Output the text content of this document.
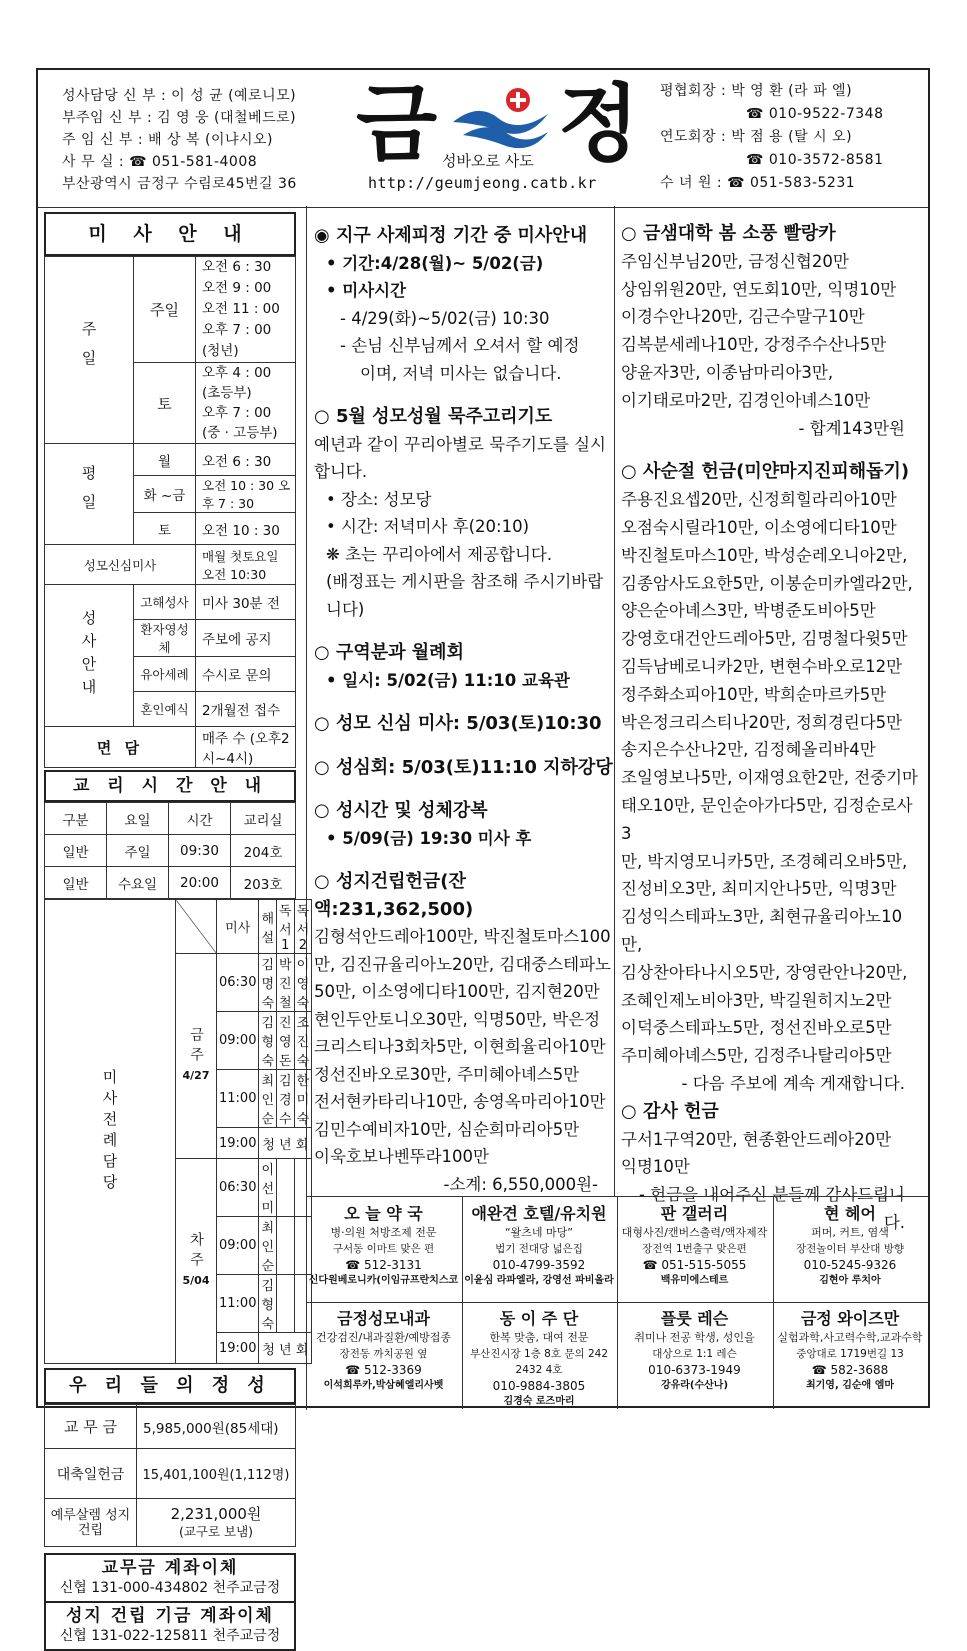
성사담당 신 부 : 이 성 균 (예로니모)
부주임 신 부 : 김 영 웅 (대철베드로)
주 임 신 부 : 배 상 복 (이냐시오)
사 무 실 : ☎ 051-581-4008
부산광역시 금정구 수림로45번길 36
금 정
성바오로 사도
http://geumjeong.catb.kr
평협회장 : 박 영 환 (라 파 엘)
☎ 010-9522-7348
연도회장 : 박 점 용 (탈 시 오)
☎ 010-3572-8581
수 녀 원 : ☎ 051-583-5231
미 사 안 내
주일	주일	오전 6 : 30
오전 9 : 00
오전 11 : 00
오후 7 : 00 (청년)

	토	오후 4 : 00 (초등부)
오후 7 : 00 (중 · 고등부)

평일	월	오전 6 : 30
	화 ~금	오전 10 : 30 오후 7 : 30
	토	오전 10 : 30
성모신심미사		매월 첫토요일 오전 10:30
성사안내	고해성사	미사 30분 전
	환자영성체	주보에 공지
	유아세례	수시로 문의
	혼인예식	2개월전 접수
면 담		매주 수 (오후2시~4시)
교 리 시 간 안 내
구분	요일	시간	교리실
일반	주일	09:30	204호
일반	수요일	20:00	203호
미사전례담당		미사	해설	독서1	독서2

	금주
4/27	06:30	김명숙	박진철	이영숙
		09:00	김형숙	진영돈	조진숙
		11:00	최인순	김경수	한미숙
		19:00	청 년 회		

	차주
5/04	06:30	이선미		
		09:00	최인순		
		11:00	김형숙		
		19:00	청 년 회		
우 리 들 의 정 성
교 무 금	5,985,000원(85세대)
대축일헌금	15,401,100원(1,112명)
예루살렘 성지건립	2,231,000원
(교구로 보냄)
교무금 계좌이체
신협 131-000-434802 천주교금정
성지 건립 기금 계좌이체
신협 131-022-125811 천주교금정
◉ 지구 사제피정 기간 중 미사안내
• 기간:4/28(월)~ 5/02(금)
• 미사시간
- 4/29(화)~5/02(금) 10:30
- 손님 신부님께서 오셔서 할 예정
이며, 저녁 미사는 없습니다.
○ 5월 성모성월 묵주고리기도
예년과 같이 꾸리아별로 묵주기도를 실시
합니다.
• 장소: 성모당
• 시간: 저녁미사 후(20:10)
❋ 초는 꾸리아에서 제공합니다.
(배정표는 게시판을 참조해 주시기바랍니다)
○ 구역분과 월례회
• 일시: 5/02(금) 11:10 교육관
○ 성모 신심 미사: 5/03(토)10:30
○ 성심회: 5/03(토)11:10 지하강당
○ 성시간 및 성체강복
• 5/09(금) 19:30 미사 후
○ 성지건립헌금(잔액:231,362,500)
김형석안드레아100만, 박진철토마스100
만, 김진규율리아노20만, 김대중스테파노
50만, 이소영에디타100만, 김지현20만
현인두안토니오30만, 익명50만, 박은정
크리스티나3회차5만, 이현희율리아10만
정선진바오로30만, 주미혜아녜스5만
전서현카타리나10만, 송영옥마리아10만
김민수예비자10만, 심순희마리아5만
이욱호보나벤뚜라100만
-소계: 6,550,000원-
○ 금샘대학 봄 소풍 빨랑카
주임신부님20만, 금정신협20만
상임위원20만, 연도회10만, 익명10만
이경수안나20만, 김근수말구10만
김복분세레나10만, 강정주수산나5만
양윤자3만, 이종남마리아3만,
이기태로마2만, 김경인아녜스10만
- 합계143만원
○ 사순절 헌금(미얀마지진피해돕기)
주용진요셉20만, 신정희힐라리아10만
오점숙시릴라10만, 이소영에디타10만
박진철토마스10만, 박성순레오니아2만,
김종암사도요한5만, 이봉순미카엘라2만,
양은순아녜스3만, 박병준도비아5만
강영호대건안드레아5만, 김명철다윗5만
김득남베로니카2만, 변현수바오로12만
정주화소피아10만, 박희순마르카5만
박은정크리스티나20만, 정희경린다5만
송지은수산나2만, 김정혜올리바4만
조일영보나5만, 이재영요한2만, 전중기마
태오10만, 문인순아가다5만, 김정순로사3
만, 박지영모니카5만, 조경혜리오바5만,
진성비오3만, 최미지안나5만, 익명3만
김성익스테파노3만, 최현규율리아노10만,
김상찬아타나시오5만, 장영란안나20만,
조혜인제노비아3만, 박길원히지노2만
이덕중스테파노5만, 정선진바오로5만
주미혜아녜스5만, 김정주나탈리아5만
- 다음 주보에 계속 게재합니다.
○ 감사 헌금
구서1구역20만, 현종환안드레아20만
익명10만
- 헌금을 내어주신 분들께 감사드립니다.
오 늘 약 국
병·의원 처방조제 전문
구서동 이마트 맞은 편
☎ 512-3131
신다원베로니카(이임규프란치스코
애완견 호텔/유치원
“왈츠네 마당”
법기 전대당 넓은집
010-4799-3592
이윤심 라파엘라, 강영선 파비올라
판 갤러리
대형사진/캔버스출력/액자제작
장전역 1번출구 맞은편
☎ 051-515-5055
백유미에스테르
현 헤어
퍼머, 커트, 염색
장전놀이터 부산대 방향
010-5245-9326
김현아 루치아
금정성모내과
건강검진/내과질환/예방접종
장전동 까치공원 옆
☎ 512-3369
이석희루카,박삼혜엘리사벳
동 이 주 단
한복 맞춤, 대여 전문
부산진시장 1층 8호 문의 242 2432 4호
010-9884-3805
김경숙 로즈마리
플룻 레슨
취미나 전공 학생, 성인을
대상으로 1:1 레슨
010-6373-1949
강유라(수산나)
금정 와이즈만
실험과학,사고력수학,교과수학
중앙대로 1719번길 13
☎ 582-3688
최기영, 김순애 엠마
